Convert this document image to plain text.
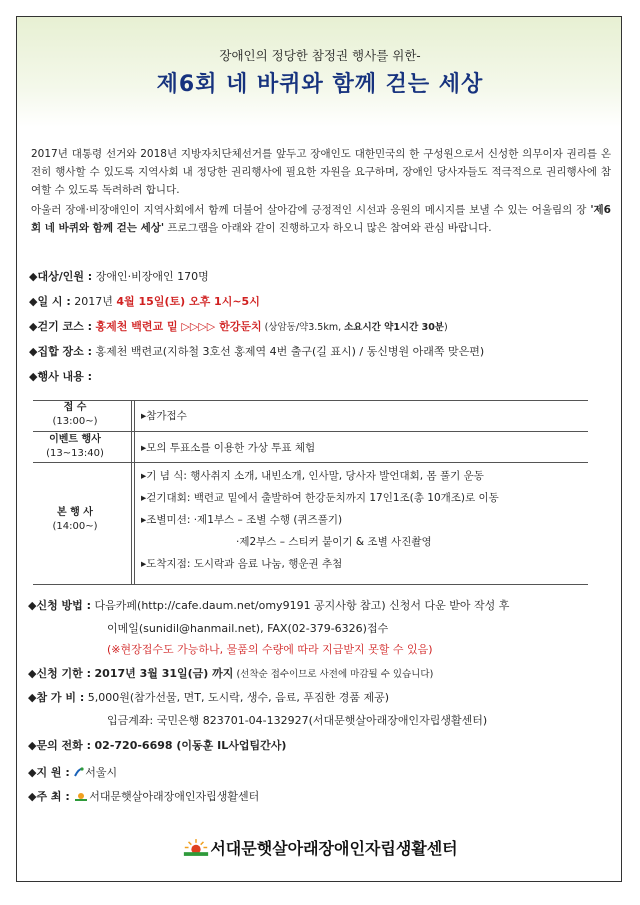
장애인의 정당한 참정권 행사를 위한-
제6회 네 바퀴와 함께 걷는 세상
2017년 대통령 선거와 2018년 지방자치단체선거를 앞두고 장애인도 대한민국의 한 구성원으로서 신성한 의무이자 권리를 온전히 행사할 수 있도록 지역사회 내 정당한 권리행사에 필요한 자원을 요구하며, 장애인 당사자들도 적극적으로 권리행사에 참여할 수 있도록 독려하려 합니다.
아울러 장애·비장애인이 지역사회에서 함께 더불어 살아감에 긍정적인 시선과 응원의 메시지를 보낼 수 있는 어울림의 장 '제6회 네 바퀴와 함께 걷는 세상' 프로그램을 아래와 같이 진행하고자 하오니 많은 참여와 관심 바랍니다.
◆대상/인원 : 장애인·비장애인 170명
◆일 시 : 2017년 4월 15일(토) 오후 1시~5시
◆걷기 코스 : 홍제천 백련교 밑 ▷▷▷▷ 한강둔치 (상암동/약3.5km, 소요시간 약1시간 30분)
◆집합 장소 : 홍제천 백련교(지하철 3호선 홍제역 4번 출구(길 표시) / 동신병원 아래쪽 맞은편)
◆행사 내용 :
접 수
(13:00~)	▸참가접수
이벤트 행사
(13~13:40)	▸모의 투표소를 이용한 가상 투표 체험
본 행 사
(14:00~)
▸기 념 식: 행사취지 소개, 내빈소개, 인사말, 당사자 발언대회, 몸 풀기 운동
▸걷기대회: 백련교 밑에서 출발하여 한강둔치까지 17인1조(총 10개조)로 이동
▸조별미션: ·제1부스 – 조별 수행 (퀴즈풀기)
·제2부스 – 스티커 붙이기 & 조별 사진촬영
▸도착지점: 도시락과 음료 나눔, 행운권 추첨
◆신청 방법 : 다음카페(http://cafe.daum.net/omy9191 공지사항 참고) 신청서 다운 받아 작성 후
이메일(sunidil@hanmail.net), FAX(02-379-6326)접수
(※현장접수도 가능하나, 물품의 수량에 따라 지급받지 못할 수 있음)
◆신청 기한 : 2017년 3월 31일(금) 까지 (선착순 접수이므로 사전에 마감될 수 있습니다)
◆참 가 비 : 5,000원(참가선물, 면T, 도시락, 생수, 음료, 푸짐한 경품 제공)
입금계좌: 국민은행 823701-04-132927(서대문햇살아래장애인자립생활센터)
◆문의 전화 : 02-720-6698 (이동훈 IL사업팀간사)
◆지 원 : 서울시
◆주 최 : 서대문햇살아래장애인자립생활센터
서대문햇살아래장애인자립생활센터
